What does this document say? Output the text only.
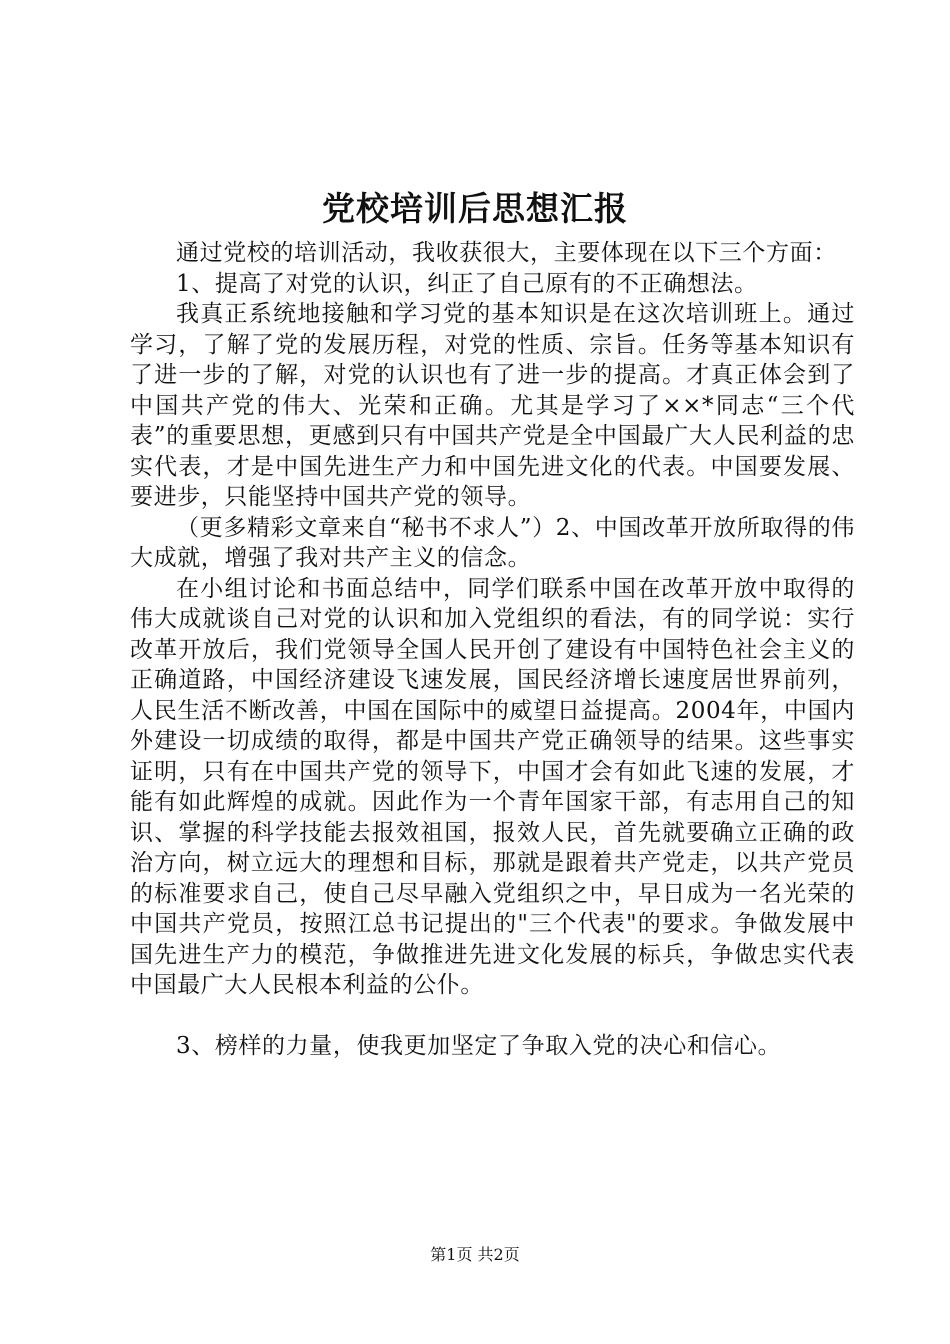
党校培训后思想汇报

通过党校的培训活动，我收获很大，主要体现在以下三个方面：

1、提高了对党的认识，纠正了自己原有的不正确想法。

我真正系统地接触和学习党的基本知识是在这次培训班上。通过学习，了解了党的发展历程，对党的性质、宗旨。任务等基本知识有了进一步的了解，对党的认识也有了进一步的提高。才真正体会到了中国共产党的伟大、光荣和正确。尤其是学习了××*同志“三个代表”的重要思想，更感到只有中国共产党是全中国最广大人民利益的忠实代表，才是中国先进生产力和中国先进文化的代表。中国要发展、要进步，只能坚持中国共产党的领导。

（更多精彩文章来自“秘书不求人”）2、中国改革开放所取得的伟大成就，增强了我对共产主义的信念。

在小组讨论和书面总结中，同学们联系中国在改革开放中取得的伟大成就谈自己对党的认识和加入党组织的看法，有的同学说：实行改革开放后，我们党领导全国人民开创了建设有中国特色社会主义的正确道路，中国经济建设飞速发展，国民经济增长速度居世界前列，人民生活不断改善，中国在国际中的威望日益提高。2004年，中国内外建设一切成绩的取得，都是中国共产党正确领导的结果。这些事实证明，只有在中国共产党的领导下，中国才会有如此飞速的发展，才能有如此辉煌的成就。因此作为一个青年国家干部，有志用自己的知识、掌握的科学技能去报效祖国，报效人民，首先就要确立正确的政治方向，树立远大的理想和目标，那就是跟着共产党走，以共产党员的标准要求自己，使自己尽早融入党组织之中，早日成为一名光荣的中国共产党员，按照江总书记提出的"三个代表"的要求。争做发展中国先进生产力的模范，争做推进先进文化发展的标兵，争做忠实代表中国最广大人民根本利益的公仆。

3、榜样的力量，使我更加坚定了争取入党的决心和信心。

第1页 共2页
